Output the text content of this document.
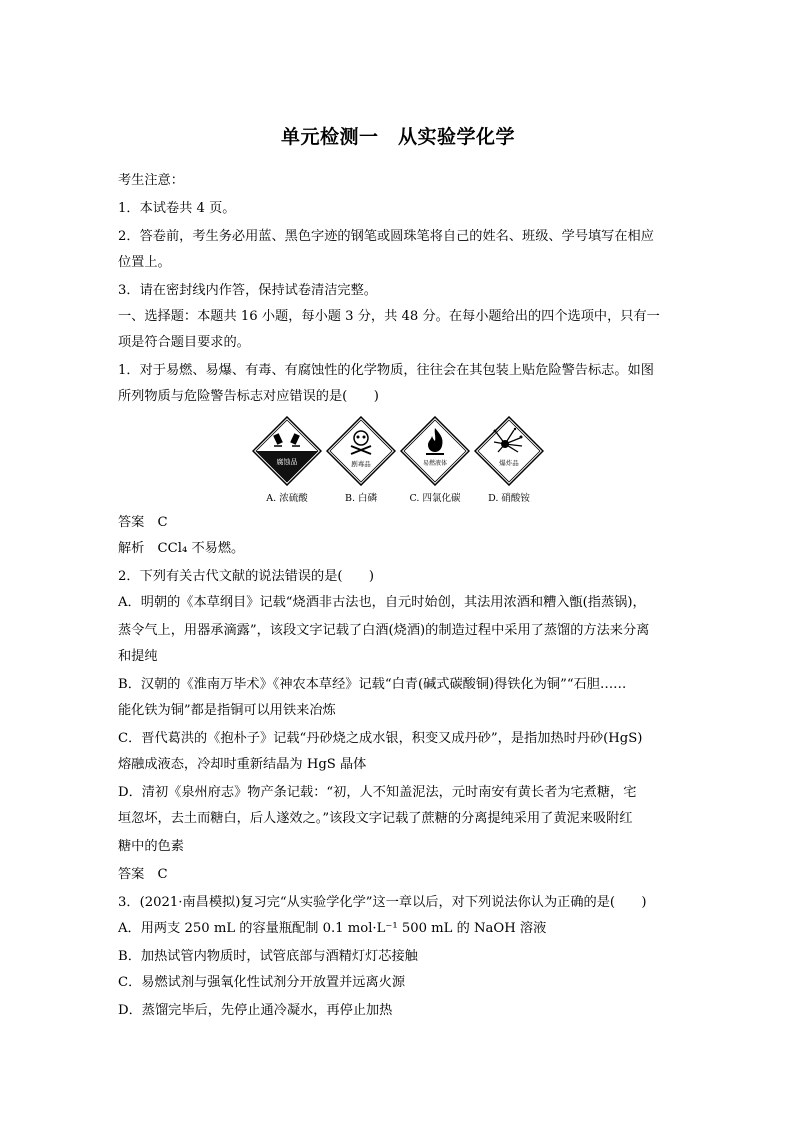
单元检测一　从实验学化学
考生注意：
1．本试卷共 4 页。
2．答卷前，考生务必用蓝、黑色字迹的钢笔或圆珠笔将自己的姓名、班级、学号填写在相应
位置上。
3．请在密封线内作答，保持试卷清洁完整。
一、选择题：本题共 16 小题，每小题 3 分，共 48 分。在每小题给出的四个选项中，只有一
项是符合题目要求的。
1．对于易燃、易爆、有毒、有腐蚀性的化学物质，往往会在其包装上贴危险警告标志。如图
所列物质与危险警告标志对应错误的是(　　)
答案　C
解析　CCl₄ 不易燃。
2．下列有关古代文献的说法错误的是(　　)
A．明朝的《本草纲目》记载“烧酒非古法也，自元时始创，其法用浓酒和糟入甑(指蒸锅)，
蒸令气上，用器承滴露”，该段文字记载了白酒(烧酒)的制造过程中采用了蒸馏的方法来分离
和提纯
B．汉朝的《淮南万毕术》《神农本草经》记载“白青(碱式碳酸铜)得铁化为铜”“石胆……
能化铁为铜”都是指铜可以用铁来冶炼
C．晋代葛洪的《抱朴子》记载“丹砂烧之成水银，积变又成丹砂”，是指加热时丹砂(HgS)
熔融成液态，冷却时重新结晶为 HgS 晶体
D．清初《泉州府志》物产条记载：“初，人不知盖泥法，元时南安有黄长者为宅煮糖，宅
垣忽坏，去土而糖白，后人遂效之。”该段文字记载了蔗糖的分离提纯采用了黄泥来吸附红
糖中的色素
答案　C
3．(2021·南昌模拟)复习完“从实验学化学”这一章以后，对下列说法你认为正确的是(　　)
A．用两支 250 mL 的容量瓶配制 0.1 mol·L⁻¹ 500 mL 的 NaOH 溶液
B．加热试管内物质时，试管底部与酒精灯灯芯接触
C．易燃试剂与强氧化性试剂分开放置并远离火源
D．蒸馏完毕后，先停止通冷凝水，再停止加热
腐蚀品
A. 浓硫酸
剧毒品
B. 白磷
易燃液体
C. 四氯化碳
爆炸品
D. 硝酸铵
